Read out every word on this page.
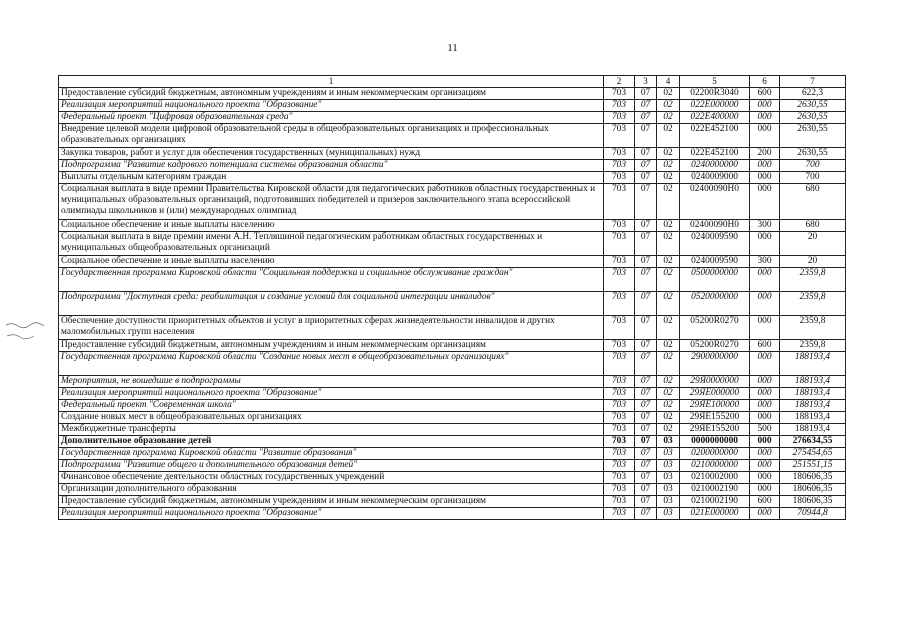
11
1	2	3	4	5	6	7
Предоставление субсидий бюджетным, автономным учреждениям и иным некоммерческим организациям	703	07	02	02200R3040	600	622,3
Реализация мероприятий национального проекта "Образование"	703	07	02	022E000000	000	2630,55
Федеральный проект "Цифровая образовательная среда"	703	07	02	022E400000	000	2630,55
Внедрение целевой модели цифровой образовательной среды в общеобразовательных организациях и профессиональных образовательных организациях	703	07	02	022E452100	000	2630,55
Закупка товаров, работ и услуг для обеспечения государственных (муниципальных) нужд	703	07	02	022E452100	200	2630,55
Подпрограмма "Развитие кадрового потенциала системы образования области"	703	07	02	0240000000	000	700
Выплаты отдельным категориям граждан	703	07	02	0240009000	000	700
Социальная выплата в виде премии Правительства Кировской области для педагогических работников областных государственных и муниципальных образовательных организаций, подготовивших победителей и призеров заключительного этапа всероссийской олимпиады школьников и (или) международных олимпиад	703	07	02	02400090Н0	000	680
Социальное обеспечение и иные выплаты населению	703	07	02	02400090Н0	300	680
Социальная выплата в виде премии имени А.Н. Тепляшиной педагогическим работникам областных государственных и муниципальных общеобразовательных организаций	703	07	02	0240009590	000	20
Социальное обеспечение и иные выплаты населению	703	07	02	0240009590	300	20
Государственная программа Кировской области "Социальная поддержка и социальное обслуживание граждан"	703	07	02	0500000000	000	2359,8
Подпрограмма "Доступная среда: реабилитация и создание условий для социальной интеграции инвалидов"	703	07	02	0520000000	000	2359,8
Обеспечение доступности приоритетных объектов и услуг в приоритетных сферах жизнедеятельности инвалидов и других маломобильных групп населения	703	07	02	05200R0270	000	2359,8
Предоставление субсидий бюджетным, автономным учреждениям и иным некоммерческим организациям	703	07	02	05200R0270	600	2359,8
Государственная программа Кировской области "Создание новых мест в общеобразовательных организациях"	703	07	02	2900000000	000	188193,4
Мероприятия, не вошедшие в подпрограммы	703	07	02	29Я0000000	000	188193,4
Реализация мероприятий национального проекта "Образование"	703	07	02	29ЯЕ000000	000	188193,4
Федеральный проект "Современная школа"	703	07	02	29ЯЕ100000	000	188193,4
Создание новых мест в общеобразовательных организациях	703	07	02	29ЯЕ155200	000	188193,4
Межбюджетные трансферты	703	07	02	29ЯЕ155200	500	188193,4
Дополнительное образование детей	703	07	03	0000000000	000	276634,55
Государственная программа Кировской области "Развитие образования"	703	07	03	0200000000	000	275454,65
Подпрограмма "Развитие общего и дополнительного образования детей"	703	07	03	0210000000	000	251551,15
Финансовое обеспечение деятельности областных государственных учреждений	703	07	03	0210002000	000	180606,35
Организации дополнительного образования	703	07	03	0210002190	000	180606,35
Предоставление субсидий бюджетным, автономным учреждениям и иным некоммерческим организациям	703	07	03	0210002190	600	180606,35
Реализация мероприятий национального проекта "Образование"	703	07	03	021E000000	000	70944,8
